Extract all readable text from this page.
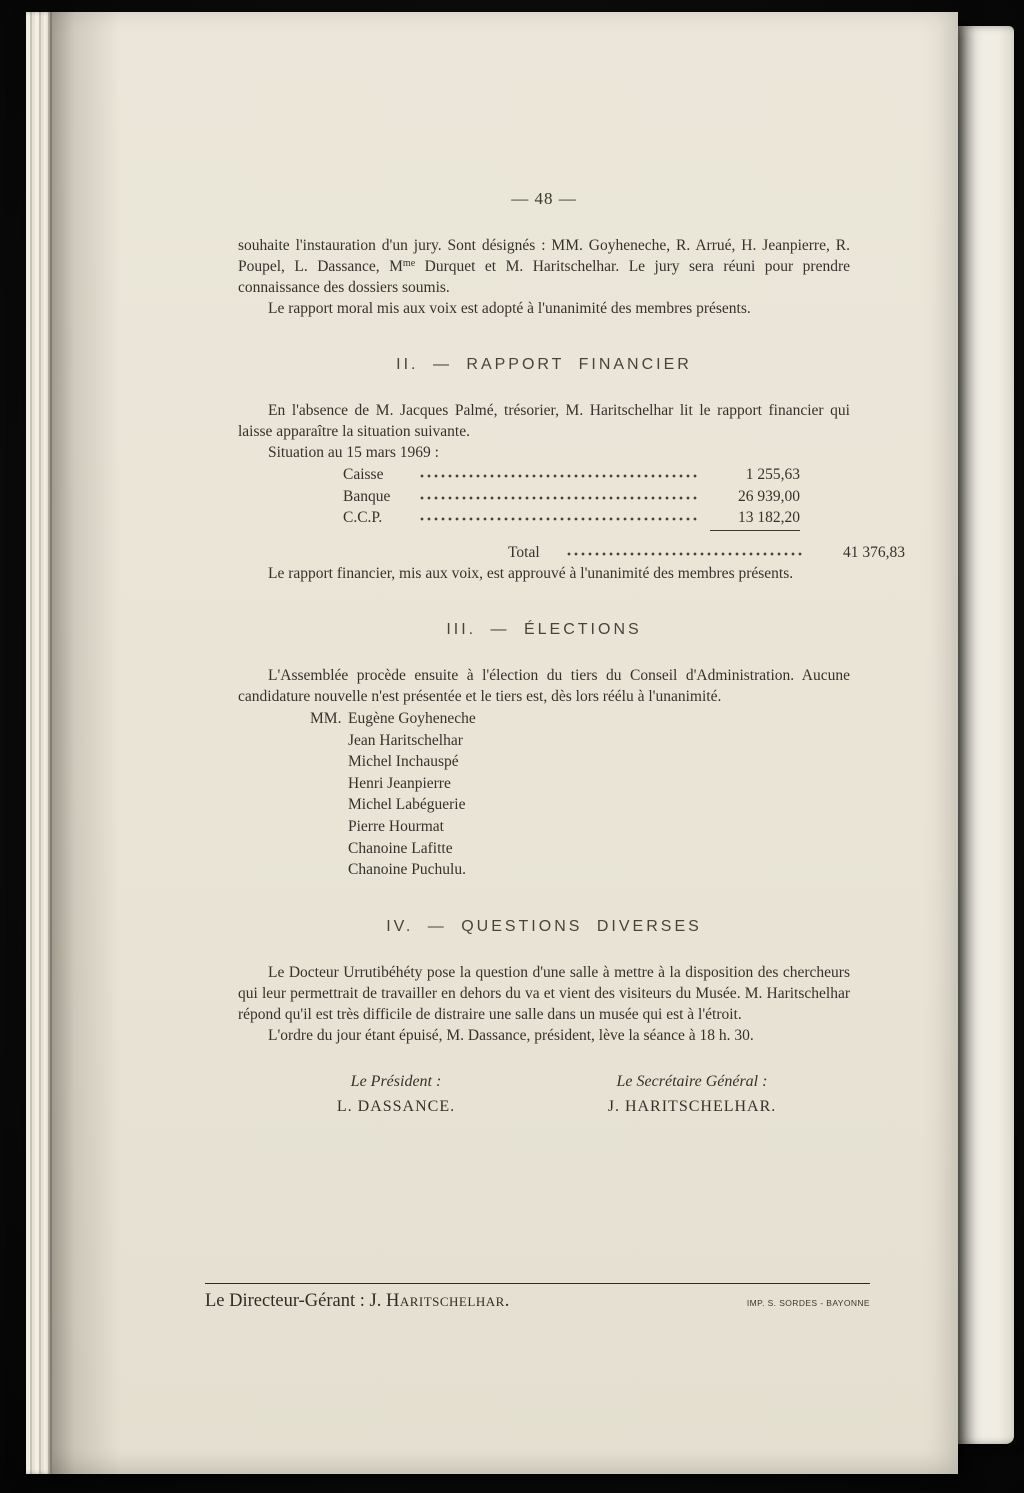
— 48 —

souhaite l'instauration d'un jury. Sont désignés : MM. Goyheneche, R. Arrué, H. Jeanpierre, R. Poupel, L. Dassance, $M^{me}$ Durquet et M. Haritschelhar. Le jury sera réuni pour prendre connaissance des dossiers soumis.

Le rapport moral mis aux voix est adopté à l'unanimité des membres présents.

II. — RAPPORT FINANCIER

En l'absence de M. Jacques Palmé, trésorier, M. Haritschelhar lit le rapport financier qui laisse apparaître la situation suivante.

Situation au 15 mars 1969 :

Caisse	1 255,63
Banque	26 939,00
C.C.P.	13 182,20
Total	41 376,83

Le rapport financier, mis aux voix, est approuvé à l'unanimité des membres présents.

III. — ÉLECTIONS

L'Assemblée procède ensuite à l'élection du tiers du Conseil d'Administration. Aucune candidature nouvelle n'est présentée et le tiers est, dès lors réélu à l'unanimité.

MM. Eugène Goyheneche
Jean Haritschelhar
Michel Inchauspé
Henri Jeanpierre
Michel Labéguerie
Pierre Hourmat
Chanoine Lafitte
Chanoine Puchulu.
IV. — QUESTIONS DIVERSES

Le Docteur Urrutibéhéty pose la question d'une salle à mettre à la disposition des chercheurs qui leur permettrait de travailler en dehors du va et vient des visiteurs du Musée. M. Haritschelhar répond qu'il est très difficile de distraire une salle dans un musée qui est à l'étroit.

L'ordre du jour étant épuisé, M. Dassance, président, lève la séance à 18 h. 30.

Le Président :
L. DASSANCE.
Le Secrétaire Général :
J. HARITSCHELHAR.
Le Directeur-Gérant : J. Haritschelhar.	IMP. S. SORDES - BAYONNE
